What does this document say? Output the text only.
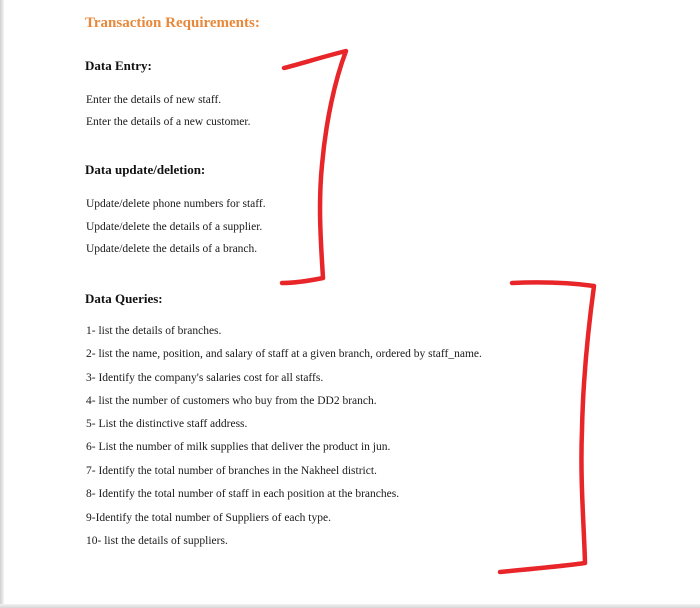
Transaction Requirements:
Data Entry:

Enter the details of new staff.

Enter the details of a new customer.

Data update/deletion:

Update/delete phone numbers for staff.

Update/delete the details of a supplier.

Update/delete the details of a branch.

Data Queries:

1- list the details of branches.

2- list the name, position, and salary of staff at a given branch, ordered by staff_name.

3- Identify the company's salaries cost for all staffs.

4- list the number of customers who buy from the DD2 branch.

5- List the distinctive staff address.

6- List the number of milk supplies that deliver the product in jun.

7- Identify the total number of branches in the Nakheel district.

8- Identify the total number of staff in each position at the branches.

9-Identify the total number of Suppliers of each type.

10- list the details of suppliers.
